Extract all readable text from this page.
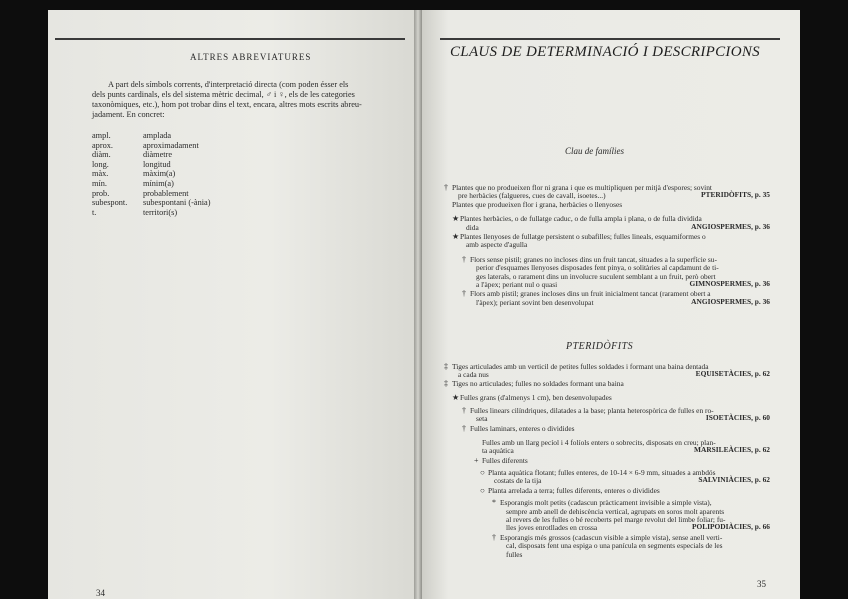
ALTRES ABREVIATURES
A part dels símbols corrents, d'interpretació directa (com poden ésser els
dels punts cardinals, els del sistema mètric decimal, ♂ i ♀, els de les categories
taxonòmiques, etc.), hom pot trobar dins el text, encara, altres mots escrits abreu-
jadament. En concret:
ampl.	amplada
aprox.	aproximadament
diàm.	diàmetre
long.	longitud
màx.	màxim(a)
mín.	mínim(a)
prob.	probablement
subespont. subespontani (-ània)
t.	territori(s)
34
CLAUS DE DETERMINACIÓ I DESCRIPCIONS
Clau de famílies
† Plantes que no produeixen flor ni grana i que es multipliquen per mitjà d'espores; sovint
pre herbàcies (falgueres, cues de cavall, isoetes...)	PTERIDÒFITS, p. 35
Plantes que produeixen flor i grana, herbàcies o llenyoses
★ Plantes herbàcies, o de fullatge caduc, o de fulla ampla i plana, o de fulla dividida
dida	ANGIOSPERMES, p. 36
★ Plantes llenyoses de fullatge persistent o subafilles; fulles lineals, esquamiformes o
amb aspecte d'agulla
† Flors sense pistil; granes no incloses dins un fruit tancat, situades a la superfície su-
perior d'esquames llenyoses disposades fent pinya, o solitàries al capdamunt de ti-
ges laterals, o rarament dins un involucre suculent semblant a un fruit, però obert
a l'àpex; periant nul o quasi	GIMNOSPERMES, p. 36
† Flors amb pistil; granes incloses dins un fruit inicialment tancat (rarament obert a
l'àpex); periant sovint ben desenvolupat	ANGIOSPERMES, p. 36
PTERIDÒFITS
‡ Tiges articulades amb un verticil de petites fulles soldades i formant una baina dentada
a cada nus	EQUISETÀCIES, p. 62
‡ Tiges no articulades; fulles no soldades formant una baina
★ Fulles grans (d'almenys 1 cm), ben desenvolupades
† Fulles linears cilíndriques, dilatades a la base; planta heterospòrica de fulles en ro-
seta	ISOETÀCIES, p. 60
† Fulles laminars, enteres o dividides
Fulles amb un llarg pecíol i 4 folíols enters o sobrecits, disposats en creu; plan-
ta aquàtica	MARSILEÀCIES, p. 62
+ Fulles diferents
○ Planta aquàtica flotant; fulles enteres, de 10-14 × 6-9 mm, situades a ambdós
costats de la tija	SALVINIÀCIES, p. 62
○ Planta arrelada a terra; fulles diferents, enteres o dividides
* Esporangis molt petits (cadascun pràcticament invisible a simple vista),
sempre amb anell de dehiscència vertical, agrupats en soros molt aparents
al revers de les fulles o bé recoberts pel marge revolut del limbe foliar; fu-
lles joves enrotllades en crossa	POLIPODIÀCIES, p. 66
† Esporangis més grossos (cadascun visible a simple vista), sense anell verti-
cal, disposats fent una espiga o una panícula en segments especials de les
fulles
35
